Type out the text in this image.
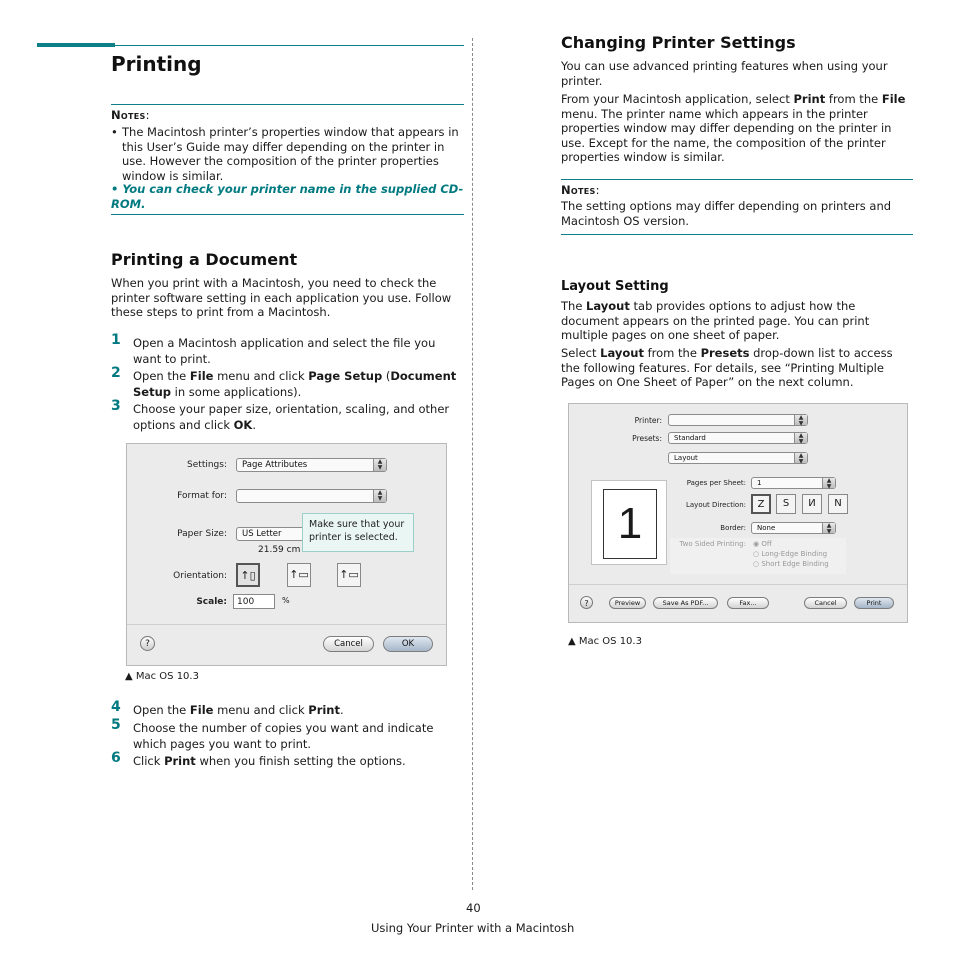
Printing
Notes:
• The Macintosh printer’s properties window that appears in this User’s Guide may differ depending on the printer in use. However the composition of the printer properties window is similar.
• You can check your printer name in the supplied CD-ROM.
Printing a Document
When you print with a Macintosh, you need to check the printer software setting in each application you use. Follow these steps to print from a Macintosh.
1 Open a Macintosh application and select the file you want to print.
2 Open the File menu and click Page Setup (Document Setup in some applications).
3 Choose your paper size, orientation, scaling, and other options and click OK.
Settings:	Page Attributes	▲
▼
Format for:	▲
▼
Paper Size:	US Letter
21.59 cm
Orientation:	↑▯	↑▭	↑▭
Scale:	100	%
?	Cancel	OK
Make sure that your printer is selected.
▲ Mac OS 10.3
4 Open the File menu and click Print.
5 Choose the number of copies you want and indicate which pages you want to print.
6 Click Print when you finish setting the options.
Changing Printer Settings
You can use advanced printing features when using your printer.
From your Macintosh application, select Print from the File menu. The printer name which appears in the printer properties window may differ depending on the printer in use. Except for the name, the composition of the printer properties window is similar.
Notes:
The setting options may differ depending on printers and Macintosh OS version.
Layout Setting
The Layout tab provides options to adjust how the document appears on the printed page. You can print multiple pages on one sheet of paper.
Select Layout from the Presets drop-down list to access the following features. For details, see “Printing Multiple Pages on One Sheet of Paper” on the next column.
Printer:	▲
▼
Presets:	Standard	▲
▼
Layout	▲
▼
1
Pages per Sheet:	1	▲
▼
Layout Direction:	Z	S	И	N
Border:	None	▲
▼
Two Sided Printing: ◉ Off
○ Long-Edge Binding
○ Short Edge Binding
?	Preview	Save As PDF...	Fax...	Cancel	Print
▲ Mac OS 10.3
40
Using Your Printer with a Macintosh
